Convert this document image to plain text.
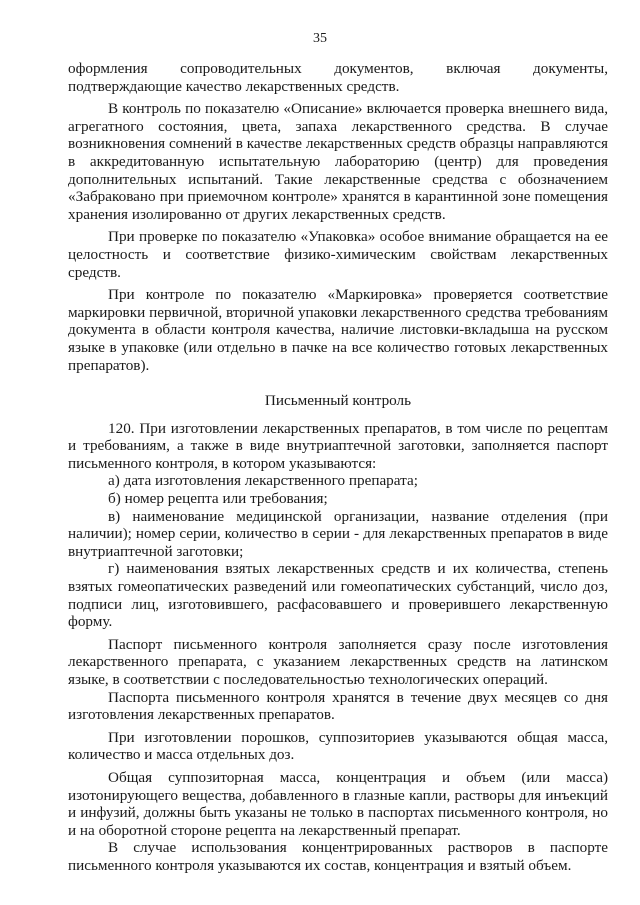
35

оформления сопроводительных документов, включая документы, подтверждающие качество лекарственных средств.

В контроль по показателю «Описание» включается проверка внешнего вида, агрегатного состояния, цвета, запаха лекарственного средства. В случае возникновения сомнений в качестве лекарственных средств образцы направляются в аккредитованную испытательную лабораторию (центр) для проведения дополнительных испытаний. Такие лекарственные средства с обозначением «Забраковано при приемочном контроле» хранятся в карантинной зоне помещения хранения изолированно от других лекарственных средств.

При проверке по показателю «Упаковка» особое внимание обращается на ее целостность и соответствие физико-химическим свойствам лекарственных средств.

При контроле по показателю «Маркировка» проверяется соответствие маркировки первичной, вторичной упаковки лекарственного средства требованиям документа в области контроля качества, наличие листовки-вкладыша на русском языке в упаковке (или отдельно в пачке на все количество готовых лекарственных препаратов).

Письменный контроль

120. При изготовлении лекарственных препаратов, в том числе по рецептам и требованиям, а также в виде внутриаптечной заготовки, заполняется паспорт письменного контроля, в котором указываются:

а) дата изготовления лекарственного препарата;

б) номер рецепта или требования;

в) наименование медицинской организации, название отделения (при наличии); номер серии, количество в серии - для лекарственных препаратов в виде внутриаптечной заготовки;

г) наименования взятых лекарственных средств и их количества, степень взятых гомеопатических разведений или гомеопатических субстанций, число доз, подписи лиц, изготовившего, расфасовавшего и проверившего лекарственную форму.

Паспорт письменного контроля заполняется сразу после изготовления лекарственного препарата, с указанием лекарственных средств на латинском языке, в соответствии с последовательностью технологических операций.

Паспорта письменного контроля хранятся в течение двух месяцев со дня изготовления лекарственных препаратов.

При изготовлении порошков, суппозиториев указываются общая масса, количество и масса отдельных доз.

Общая суппозиторная масса, концентрация и объем (или масса) изотонирующего вещества, добавленного в глазные капли, растворы для инъекций и инфузий, должны быть указаны не только в паспортах письменного контроля, но и на оборотной стороне рецепта на лекарственный препарат.

В случае использования концентрированных растворов в паспорте письменного контроля указываются их состав, концентрация и взятый объем.
